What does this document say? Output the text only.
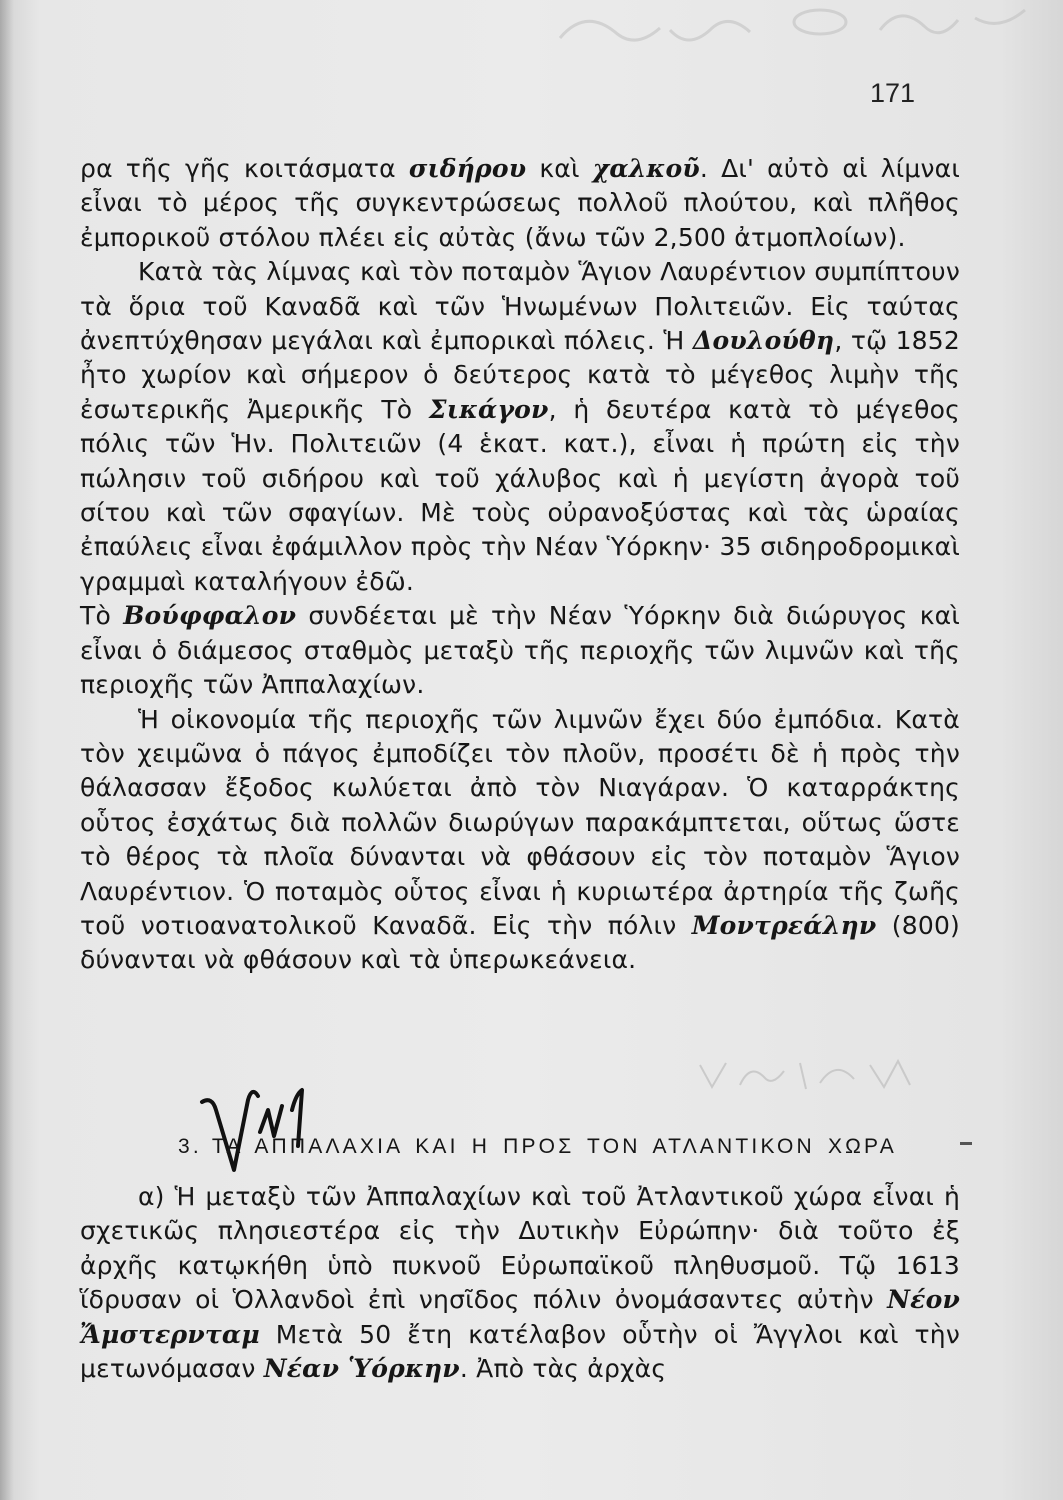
171

ρα τῆς γῆς κοιτάσματα σιδήρου καὶ χαλκοῦ. Δι' αὐτὸ αἱ λίμναι εἶναι τὸ μέρος τῆς συγκεντρώσεως πολλοῦ πλούτου, καὶ πλῆθος ἐμπορικοῦ στόλου πλέει εἰς αὐτὰς (ἄνω τῶν 2,500 ἀτμοπλοίων).

Κατὰ τὰς λίμνας καὶ τὸν ποταμὸν Ἅγιον Λαυρέντιον συμπίπτουν τὰ ὅρια τοῦ Καναδᾶ καὶ τῶν Ἡνωμένων Πολιτειῶν. Εἰς ταύτας ἀνεπτύχθησαν μεγάλαι καὶ ἐμπορικαὶ πόλεις. Ἡ Δουλούθη, τῷ 1852 ἦτο χωρίον καὶ σήμερον ὁ δεύτερος κατὰ τὸ μέγεθος λιμὴν τῆς ἐσωτερικῆς Ἀμερικῆς Τὸ Σικάγον, ἡ δευτέρα κατὰ τὸ μέγεθος πόλις τῶν Ἡν. Πολιτειῶν (4 ἑκατ. κατ.), εἶναι ἡ πρώτη εἰς τὴν πώλησιν τοῦ σιδήρου καὶ τοῦ χάλυβος καὶ ἡ μεγίστη ἀγορὰ τοῦ σίτου καὶ τῶν σφαγίων. Μὲ τοὺς οὐρανοξύστας καὶ τὰς ὡραίας ἐπαύλεις εἶναι ἐφάμιλλον πρὸς τὴν Νέαν Ὑόρκην· 35 σιδηροδρομικαὶ γραμμαὶ καταλήγουν ἐδῶ.

Τὸ Βούφφαλον συνδέεται μὲ τὴν Νέαν Ὑόρκην διὰ διώρυγος καὶ εἶναι ὁ διάμεσος σταθμὸς μεταξὺ τῆς περιοχῆς τῶν λιμνῶν καὶ τῆς περιοχῆς τῶν Ἀππαλαχίων.

Ἡ οἰκονομία τῆς περιοχῆς τῶν λιμνῶν ἔχει δύο ἐμπόδια. Κατὰ τὸν χειμῶνα ὁ πάγος ἐμποδίζει τὸν πλοῦν, προσέτι δὲ ἡ πρὸς τὴν θάλασσαν ἔξοδος κωλύεται ἀπὸ τὸν Νιαγάραν. Ὁ καταρράκτης οὗτος ἐσχάτως διὰ πολλῶν διωρύγων παρακάμπτεται, οὕτως ὥστε τὸ θέρος τὰ πλοῖα δύνανται νὰ φθάσουν εἰς τὸν ποταμὸν Ἅγιον Λαυρέντιον. Ὁ ποταμὸς οὗτος εἶναι ἡ κυριωτέρα ἀρτηρία τῆς ζωῆς τοῦ νοτιοανατολικοῦ Καναδᾶ. Εἰς τὴν πόλιν Μοντρεάλην (800) δύνανται νὰ φθάσουν καὶ τὰ ὑπερωκεάνεια.

3. ΤΑ ΑΠΠΑΛΑΧΙΑ ΚΑΙ Η ΠΡΟΣ ΤΟΝ ΑΤΛΑΝΤΙΚΟΝ ΧΩΡΑ

α) Ἡ μεταξὺ τῶν Ἀππαλαχίων καὶ τοῦ Ἀτλαντικοῦ χώρα εἶναι ἡ σχετικῶς πλησιεστέρα εἰς τὴν Δυτικὴν Εὐρώπην· διὰ τοῦτο ἐξ ἀρχῆς κατῳκήθη ὑπὸ πυκνοῦ Εὐρωπαϊκοῦ πληθυσμοῦ. Τῷ 1613 ἵδρυσαν οἱ Ὁλλανδοὶ ἐπὶ νησῖδος πόλιν ὀνομάσαντες αὐτὴν Νέον Ἄμστερνταμ Μετὰ 50 ἔτη κατέλαβον οὗτὴν οἱ Ἄγγλοι καὶ τὴν μετωνόμασαν Νέαν Ὑόρκην. Ἀπὸ τὰς ἀρχὰς
